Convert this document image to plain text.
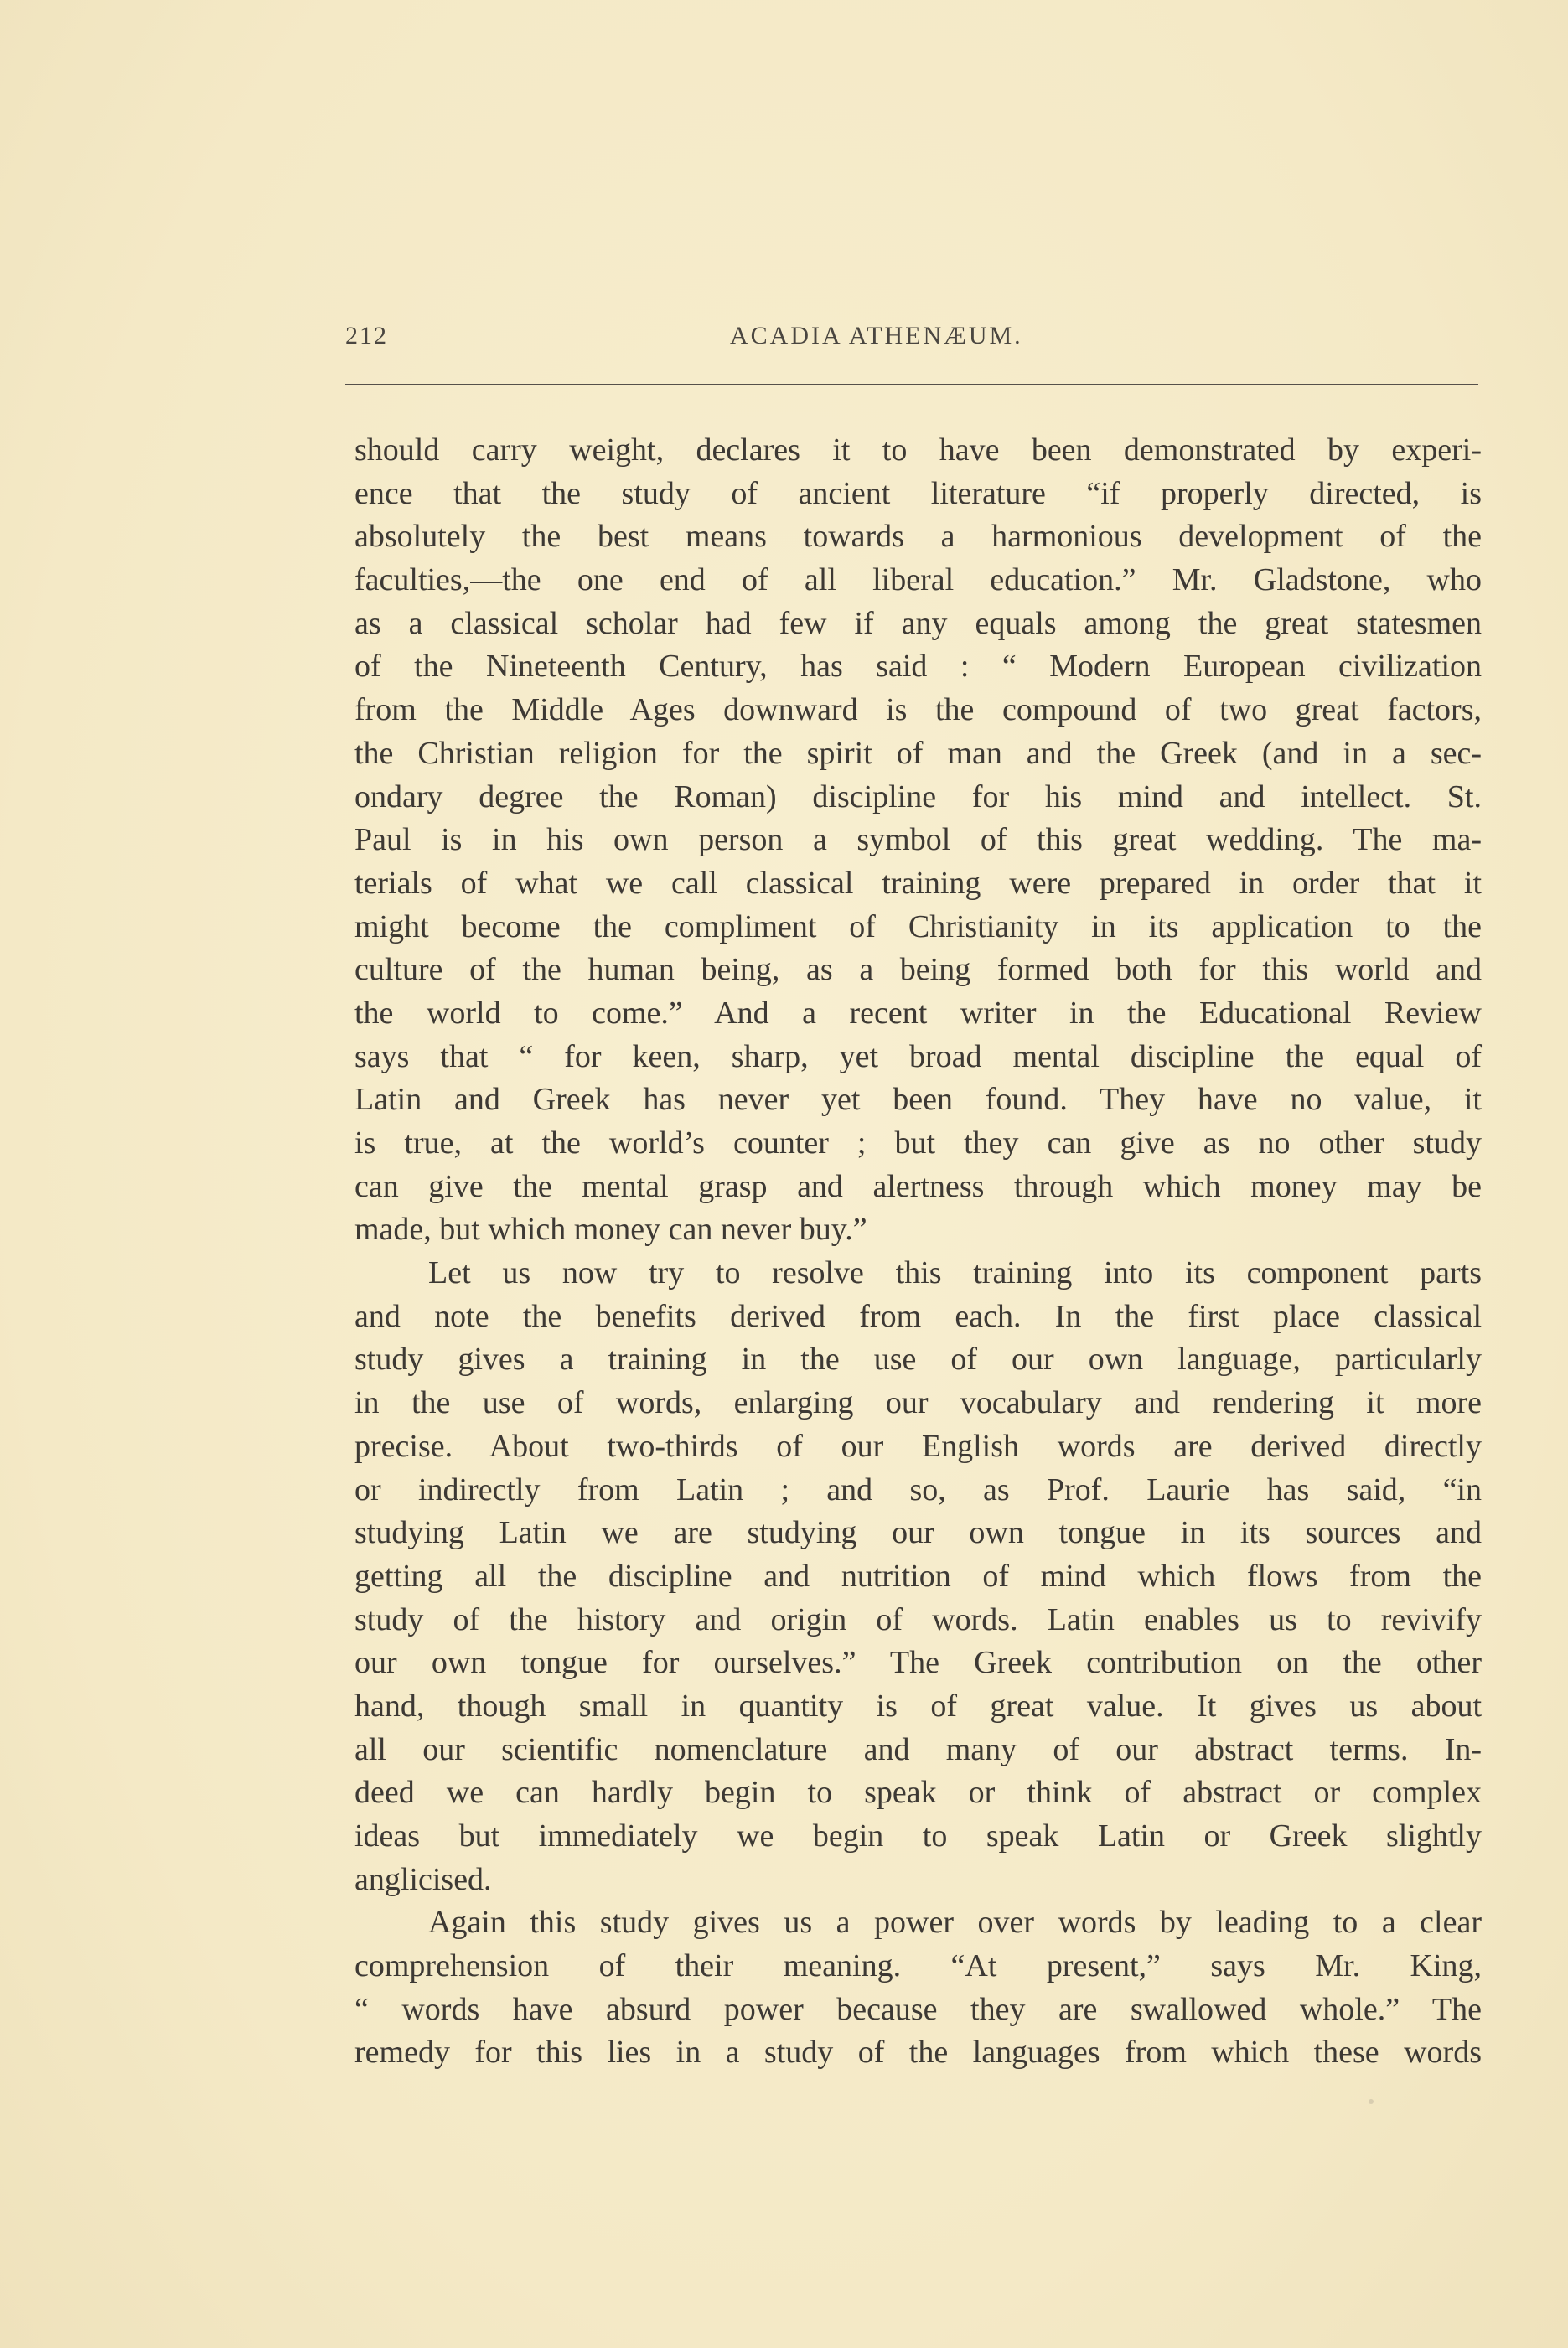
212	ACADIA ATHENÆUM.
should carry weight, declares it to have been demonstrated by experi-
ence that the study of ancient literature “if properly directed, is
absolutely the best means towards a harmonious development of the
faculties,—the one end of all liberal education.” Mr. Gladstone, who
as a classical scholar had few if any equals among the great statesmen
of the Nineteenth Century, has said : “ Modern European civilization
from the Middle Ages downward is the compound of two great factors,
the Christian religion for the spirit of man and the Greek (and in a sec-
ondary degree the Roman) discipline for his mind and intellect. St.
Paul is in his own person a symbol of this great wedding. The ma-
terials of what we call classical training were prepared in order that it
might become the compliment of Christianity in its application to the
culture of the human being, as a being formed both for this world and
the world to come.” And a recent writer in the Educational Review
says that “ for keen, sharp, yet broad mental discipline the equal of
Latin and Greek has never yet been found. They have no value, it
is true, at the world’s counter ; but they can give as no other study
can give the mental grasp and alertness through which money may be
made, but which money can never buy.”
Let us now try to resolve this training into its component parts
and note the benefits derived from each. In the first place classical
study gives a training in the use of our own language, particularly
in the use of words, enlarging our vocabulary and rendering it more
precise. About two-thirds of our English words are derived directly
or indirectly from Latin ; and so, as Prof. Laurie has said, “in
studying Latin we are studying our own tongue in its sources and
getting all the discipline and nutrition of mind which flows from the
study of the history and origin of words. Latin enables us to revivify
our own tongue for ourselves.” The Greek contribution on the other
hand, though small in quantity is of great value. It gives us about
all our scientific nomenclature and many of our abstract terms. In-
deed we can hardly begin to speak or think of abstract or complex
ideas but immediately we begin to speak Latin or Greek slightly
anglicised.
Again this study gives us a power over words by leading to a clear
comprehension of their meaning. “At present,” says Mr. King,
“ words have absurd power because they are swallowed whole.” The
remedy for this lies in a study of the languages from which these words
